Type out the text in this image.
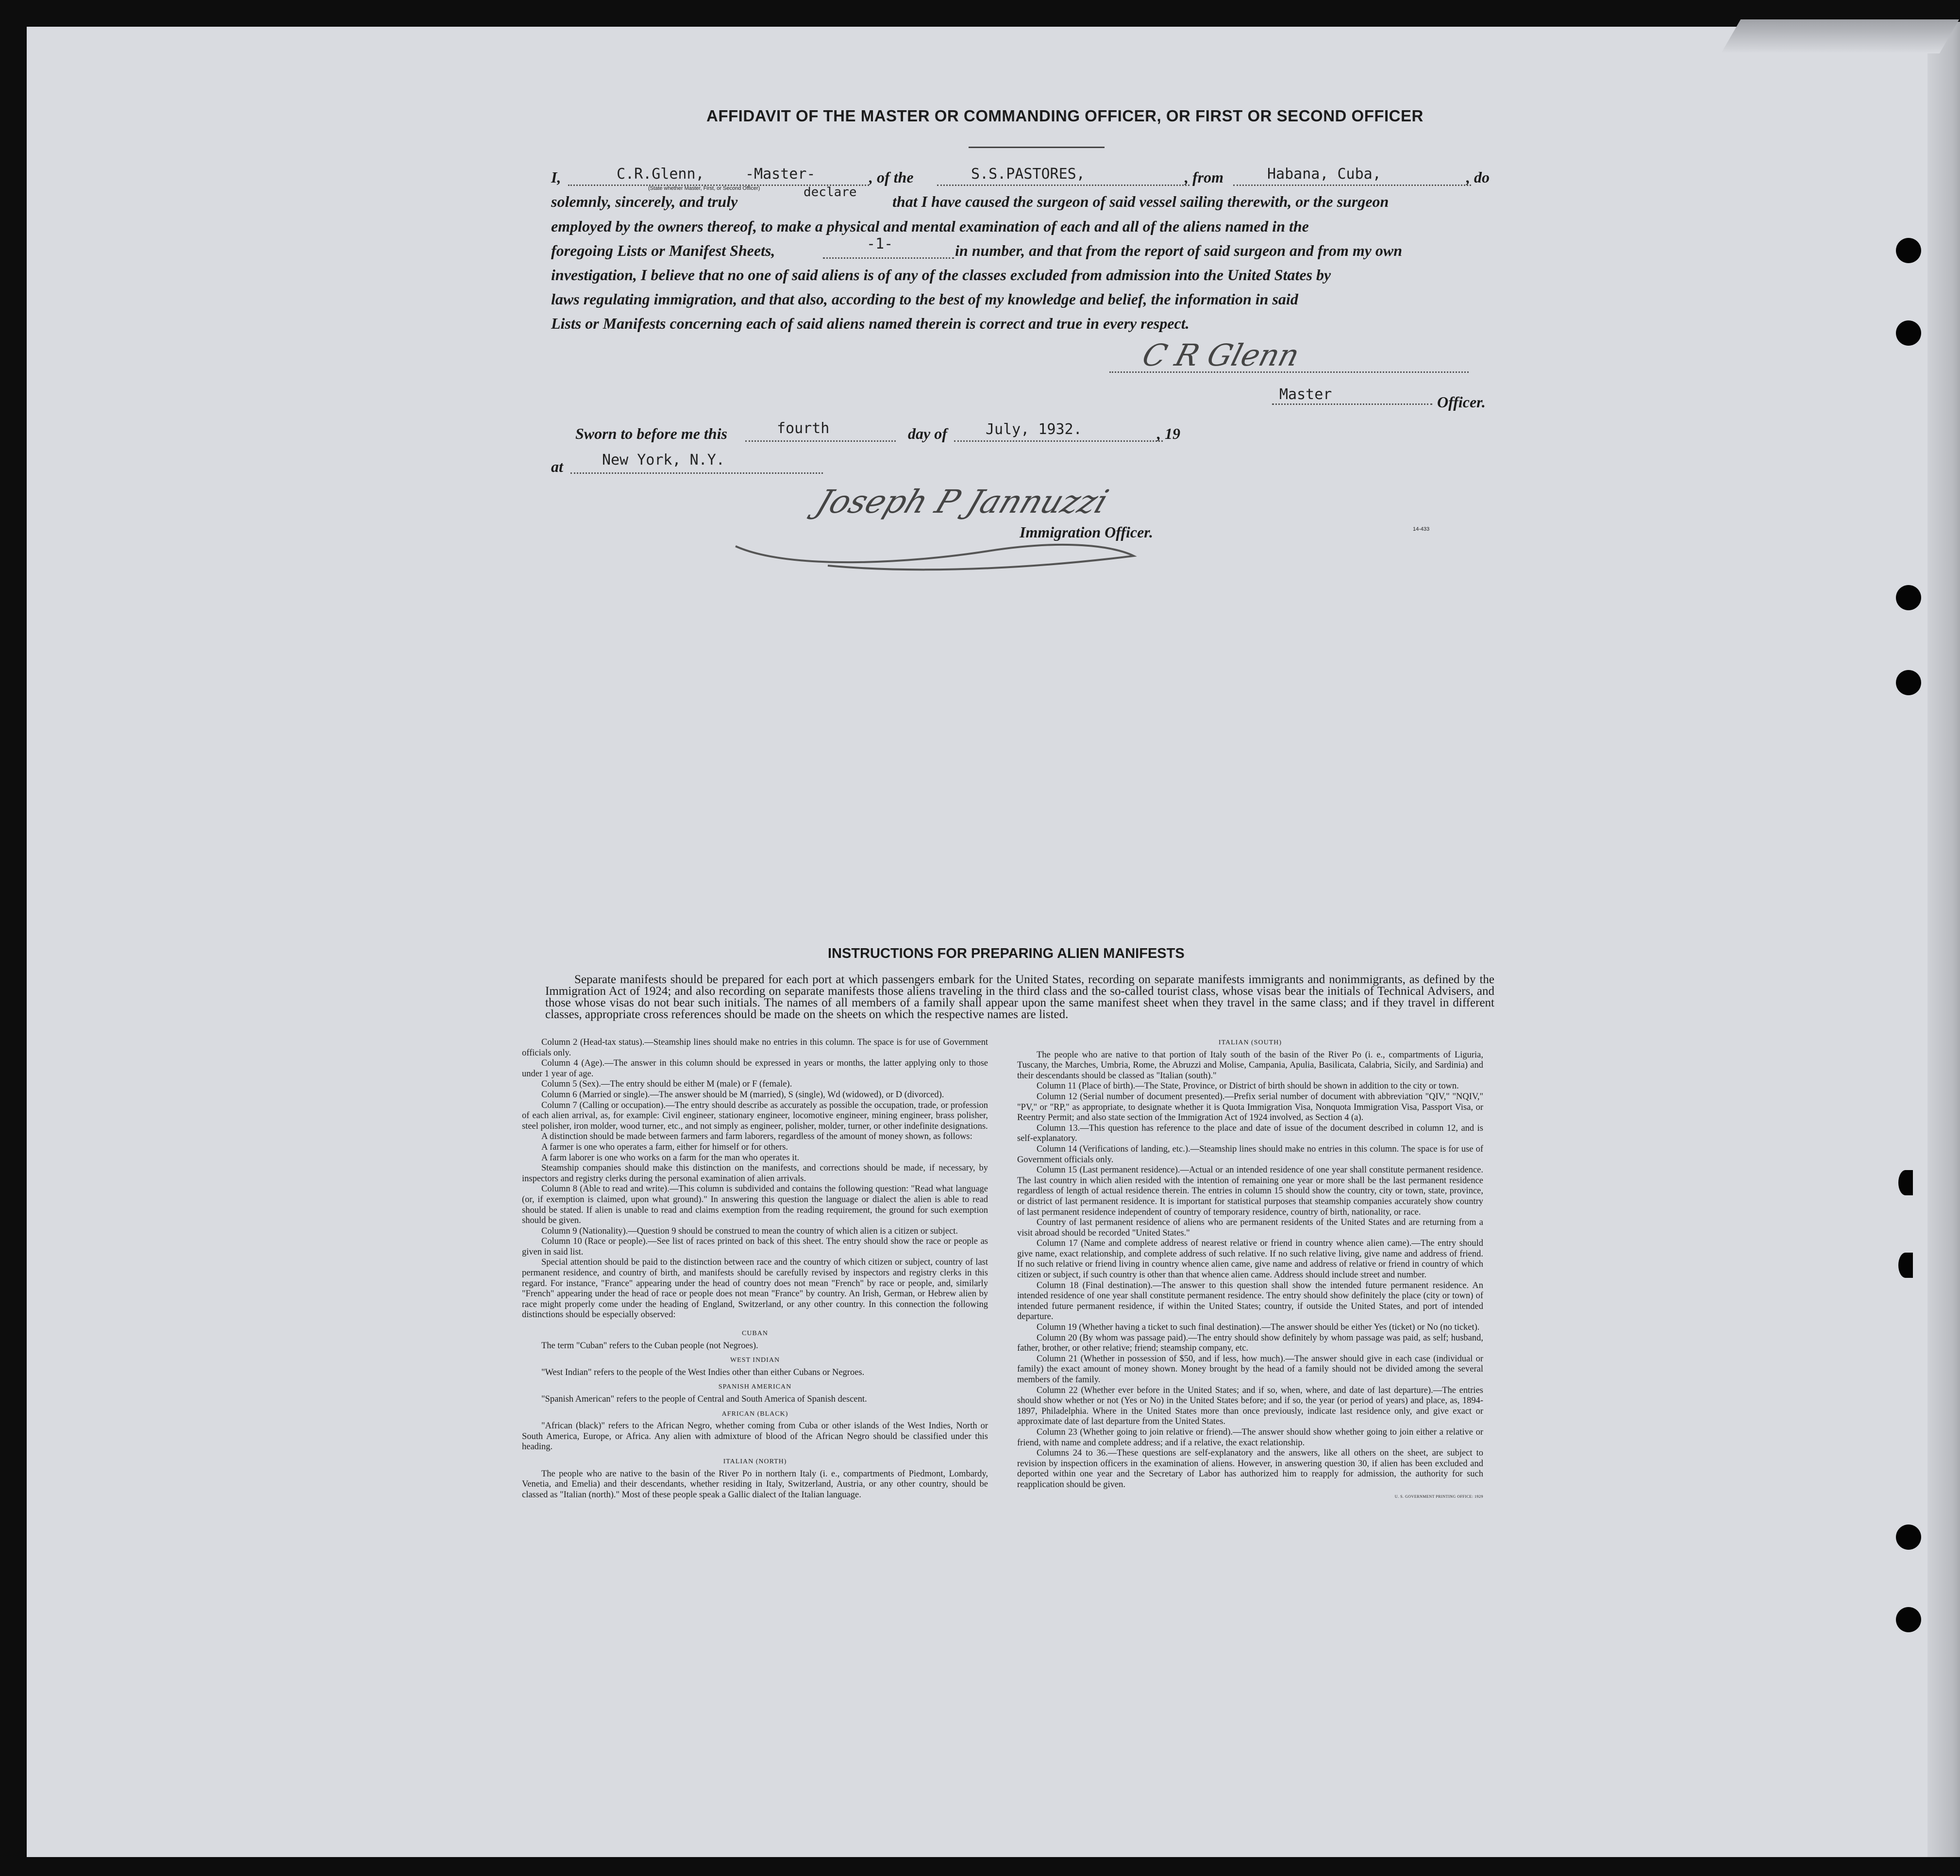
AFFIDAVIT OF THE MASTER OR COMMANDING OFFICER, OR FIRST OR SECOND OFFICER
I,	C.R.Glenn,	-Master-	, of the	S.S.PASTORES,	, from	Habana, Cuba,	, do
(State whether Master, First, or Second Officer)
solemnly, sincerely, and truly
declare
that I have caused the surgeon of said vessel sailing therewith, or the surgeon
employed by the owners thereof, to make a physical and mental examination of each and all of the aliens named in the
foregoing Lists or Manifest Sheets,	-1-	in number, and that from the report of said surgeon and from my own
investigation, I believe that no one of said aliens is of any of the classes excluded from admission into the United States by
laws regulating immigration, and that also, according to the best of my knowledge and belief, the information in said
Lists or Manifests concerning each of said aliens named therein is correct and true in every respect.
C R Glenn
Master	Officer.
Sworn to before me this	fourth	day of	July, 1932.	, 19
at	New York, N.Y.
Joseph P Jannuzzi
Immigration Officer.	14-433
INSTRUCTIONS FOR PREPARING ALIEN MANIFESTS
Separate manifests should be prepared for each port at which passengers embark for the United States, recording on separate manifests immigrants and nonimmigrants, as defined by the Immigration Act of 1924; and also recording on separate manifests those aliens traveling in the third class and the so-called tourist class, whose visas bear the initials of Technical Advisers, and those whose visas do not bear such initials. The names of all members of a family shall appear upon the same manifest sheet when they travel in the same class; and if they travel in different classes, appropriate cross references should be made on the sheets on which the respective names are listed.

Column 2 (Head-tax status).—Steamship lines should make no entries in this column. The space is for use of Government officials only.

Column 4 (Age).—The answer in this column should be expressed in years or months, the latter applying only to those under 1 year of age.

Column 5 (Sex).—The entry should be either M (male) or F (female).

Column 6 (Married or single).—The answer should be M (married), S (single), Wd (widowed), or D (divorced).

Column 7 (Calling or occupation).—The entry should describe as accurately as possible the occupation, trade, or profession of each alien arrival, as, for example: Civil engineer, stationary engineer, locomotive engineer, mining engineer, brass polisher, steel polisher, iron molder, wood turner, etc., and not simply as engineer, polisher, molder, turner, or other indefinite designations.

A distinction should be made between farmers and farm laborers, regardless of the amount of money shown, as follows:

A farmer is one who operates a farm, either for himself or for others.

A farm laborer is one who works on a farm for the man who operates it.

Steamship companies should make this distinction on the manifests, and corrections should be made, if necessary, by inspectors and registry clerks during the personal examination of alien arrivals.

Column 8 (Able to read and write).—This column is subdivided and contains the following question: "Read what language (or, if exemption is claimed, upon what ground)." In answering this question the language or dialect the alien is able to read should be stated. If alien is unable to read and claims exemption from the reading requirement, the ground for such exemption should be given.

Column 9 (Nationality).—Question 9 should be construed to mean the country of which alien is a citizen or subject.

Column 10 (Race or people).—See list of races printed on back of this sheet. The entry should show the race or people as given in said list.

Special attention should be paid to the distinction between race and the country of which citizen or subject, country of last permanent residence, and country of birth, and manifests should be carefully revised by inspectors and registry clerks in this regard. For instance, "France" appearing under the head of country does not mean "French" by race or people, and, similarly "French" appearing under the head of race or people does not mean "France" by country. An Irish, German, or Hebrew alien by race might properly come under the heading of England, Switzerland, or any other country. In this connection the following distinctions should be especially observed:

CUBAN

The term "Cuban" refers to the Cuban people (not Negroes).

WEST INDIAN

"West Indian" refers to the people of the West Indies other than either Cubans or Negroes.

SPANISH AMERICAN

"Spanish American" refers to the people of Central and South America of Spanish descent.

AFRICAN (BLACK)

"African (black)" refers to the African Negro, whether coming from Cuba or other islands of the West Indies, North or South America, Europe, or Africa. Any alien with admixture of blood of the African Negro should be classified under this heading.

ITALIAN (NORTH)

The people who are native to the basin of the River Po in northern Italy (i. e., compartments of Piedmont, Lombardy, Venetia, and Emelia) and their descendants, whether residing in Italy, Switzerland, Austria, or any other country, should be classed as "Italian (north)." Most of these people speak a Gallic dialect of the Italian language.

ITALIAN (SOUTH)

The people who are native to that portion of Italy south of the basin of the River Po (i. e., compartments of Liguria, Tuscany, the Marches, Umbria, Rome, the Abruzzi and Molise, Campania, Apulia, Basilicata, Calabria, Sicily, and Sardinia) and their descendants should be classed as "Italian (south)."

Column 11 (Place of birth).—The State, Province, or District of birth should be shown in addition to the city or town.

Column 12 (Serial number of document presented).—Prefix serial number of document with abbreviation "QIV," "NQIV," "PV," or "RP," as appropriate, to designate whether it is Quota Immigration Visa, Nonquota Immigration Visa, Passport Visa, or Reentry Permit; and also state section of the Immigration Act of 1924 involved, as Section 4 (a).

Column 13.—This question has reference to the place and date of issue of the document described in column 12, and is self-explanatory.

Column 14 (Verifications of landing, etc.).—Steamship lines should make no entries in this column. The space is for use of Government officials only.

Column 15 (Last permanent residence).—Actual or an intended residence of one year shall constitute permanent residence. The last country in which alien resided with the intention of remaining one year or more shall be the last permanent residence regardless of length of actual residence therein. The entries in column 15 should show the country, city or town, state, province, or district of last permanent residence. It is important for statistical purposes that steamship companies accurately show country of last permanent residence independent of country of temporary residence, country of birth, nationality, or race.

Country of last permanent residence of aliens who are permanent residents of the United States and are returning from a visit abroad should be recorded "United States."

Column 17 (Name and complete address of nearest relative or friend in country whence alien came).—The entry should give name, exact relationship, and complete address of such relative. If no such relative living, give name and address of friend. If no such relative or friend living in country whence alien came, give name and address of relative or friend in country of which citizen or subject, if such country is other than that whence alien came. Address should include street and number.

Column 18 (Final destination).—The answer to this question shall show the intended future permanent residence. An intended residence of one year shall constitute permanent residence. The entry should show definitely the place (city or town) of intended future permanent residence, if within the United States; country, if outside the United States, and port of intended departure.

Column 19 (Whether having a ticket to such final destination).—The answer should be either Yes (ticket) or No (no ticket).

Column 20 (By whom was passage paid).—The entry should show definitely by whom passage was paid, as self; husband, father, brother, or other relative; friend; steamship company, etc.

Column 21 (Whether in possession of $50, and if less, how much).—The answer should give in each case (individual or family) the exact amount of money shown. Money brought by the head of a family should not be divided among the several members of the family.

Column 22 (Whether ever before in the United States; and if so, when, where, and date of last departure).—The entries should show whether or not (Yes or No) in the United States before; and if so, the year (or period of years) and place, as, 1894-1897, Philadelphia. Where in the United States more than once previously, indicate last residence only, and give exact or approximate date of last departure from the United States.

Column 23 (Whether going to join relative or friend).—The answer should show whether going to join either a relative or friend, with name and complete address; and if a relative, the exact relationship.

Columns 24 to 36.—These questions are self-explanatory and the answers, like all others on the sheet, are subject to revision by inspection officers in the examination of aliens. However, in answering question 30, if alien has been excluded and deported within one year and the Secretary of Labor has authorized him to reapply for admission, the authority for such reapplication should be given.

U. S. GOVERNMENT PRINTING OFFICE: 1929
